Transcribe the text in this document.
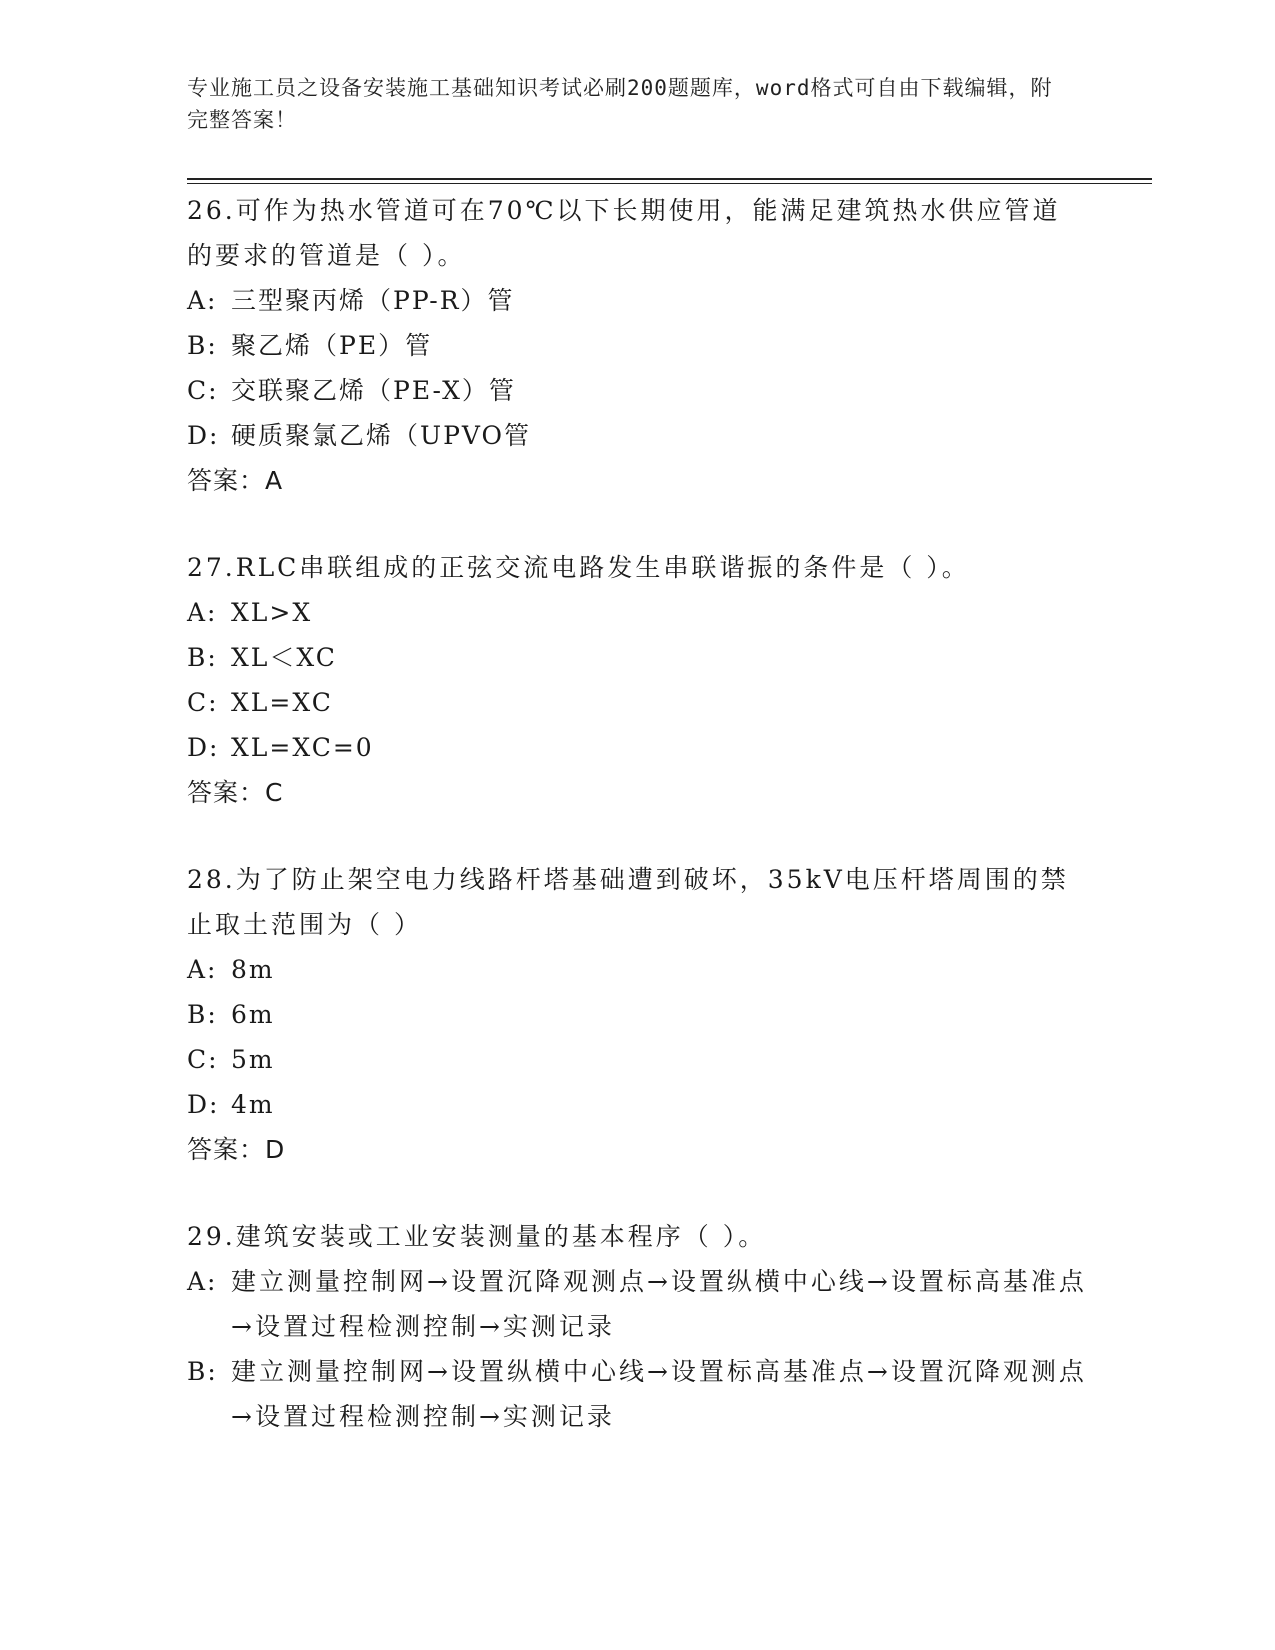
专业施工员之设备安装施工基础知识考试必刷200题题库，word格式可自由下载编辑，附完整答案！
26.可作为热水管道可在70℃以下长期使用，能满足建筑热水供应管道的要求的管道是（ ）。
A: 三型聚丙烯（PP-R）管
B: 聚乙烯（PE）管
C: 交联聚乙烯（PE-X）管
D: 硬质聚氯乙烯（UPVO管
答案：A
27.RLC串联组成的正弦交流电路发生串联谐振的条件是（ ）。
A: XL>X
B: XL＜XC
C: XL=XC
D: XL=XC=0
答案：C
28.为了防止架空电力线路杆塔基础遭到破坏，35kV电压杆塔周围的禁止取土范围为（ ）
A: 8m
B: 6m
C: 5m
D: 4m
答案：D
29.建筑安装或工业安装测量的基本程序（ ）。
A: 建立测量控制网→设置沉降观测点→设置纵横中心线→设置标高基准点→设置过程检测控制→实测记录
B: 建立测量控制网→设置纵横中心线→设置标高基准点→设置沉降观测点→设置过程检测控制→实测记录
